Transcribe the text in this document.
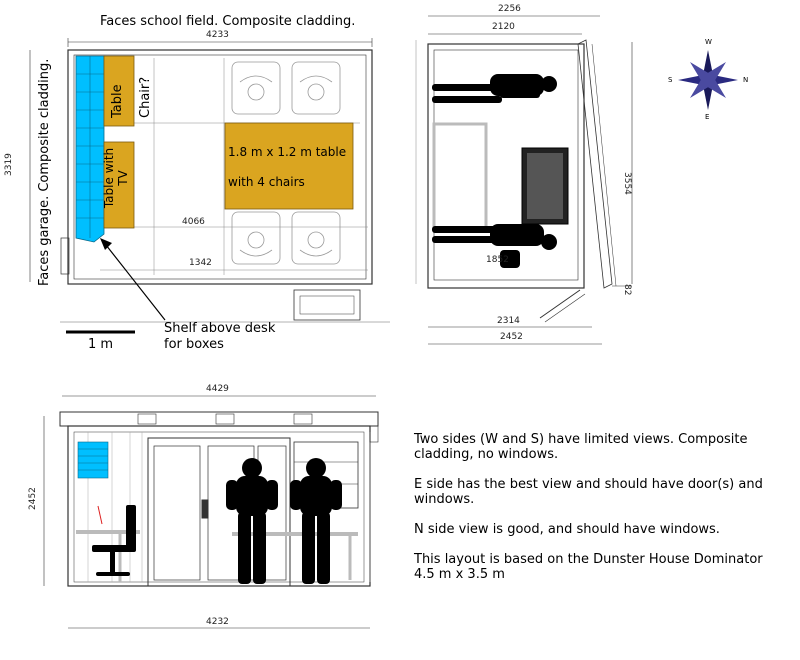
Faces school field. Composite cladding.
4233
3319 Faces garage. Composite cladding.	Table Chair?
Table with TV
1.8 m x 1.2 m table
with 4 chairs
4066
1342
Shelf above desk
for boxes
1 m
2256
2120
3554
1852
82
2314
2452
W
N
S
E
4429
2452
4232
Two sides (W and S) have limited views. Composite cladding, no windows.
E side has the best view and should have door(s) and windows.
N side view is good, and should have windows.
This layout is based on the Dunster House Dominator 4.5 m x 3.5 m
